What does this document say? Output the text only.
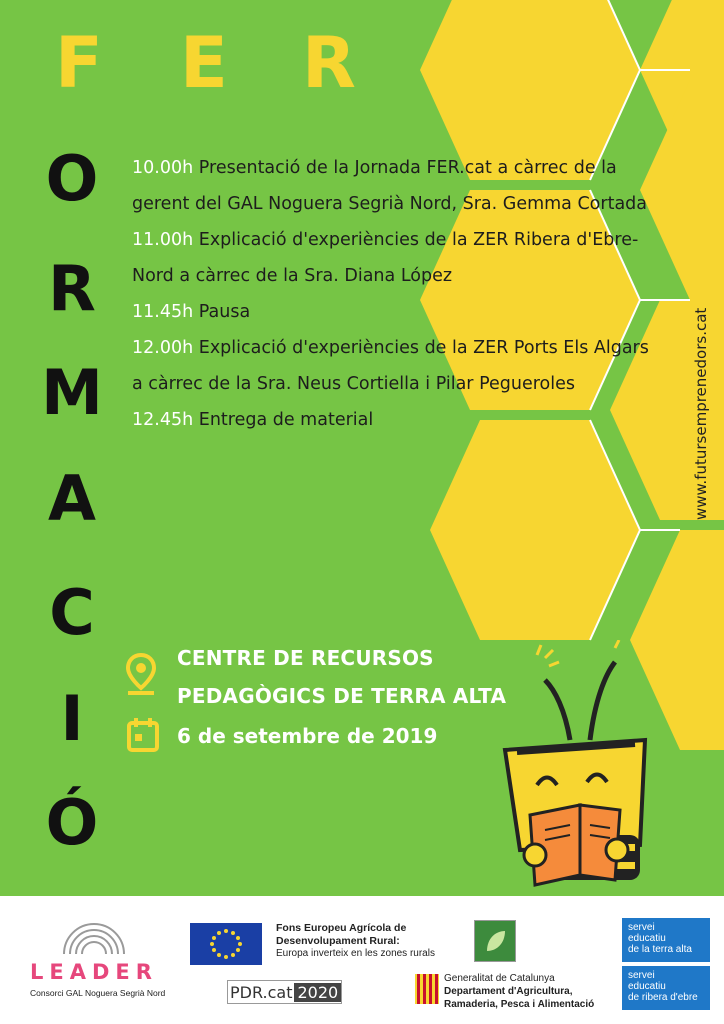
F E R
O
R
M
A
C
I
Ó

10.00h Presentació de la Jornada FER.cat a càrrec de la gerent del GAL Noguera Segrià Nord, Sra. Gemma Cortada

11.00h Explicació d'experiències de la ZER Ribera d'Ebre- Nord a càrrec de la Sra. Diana López

11.45h Pausa

12.00h Explicació d'experiències de la ZER Ports Els Algars a càrrec de la Sra. Neus Cortiella i Pilar Pegueroles

12.45h Entrega de material	www.futursemprenedors.cat
CENTRE DE RECURSOS
PEDAGÒGICS DE TERRA ALTA
6 de setembre de 2019
LEADER
Consorci GAL Noguera Segrià Nord
Fons Europeu Agrícola de
Desenvolupament Rural:
Europa inverteix en les zones rurals
PDR.cat 2020
Generalitat de Catalunya
Departament d'Agricultura,
Ramaderia, Pesca i Alimentació
servei
educatiu
de la terra alta
servei
educatiu
de ribera d'ebre
